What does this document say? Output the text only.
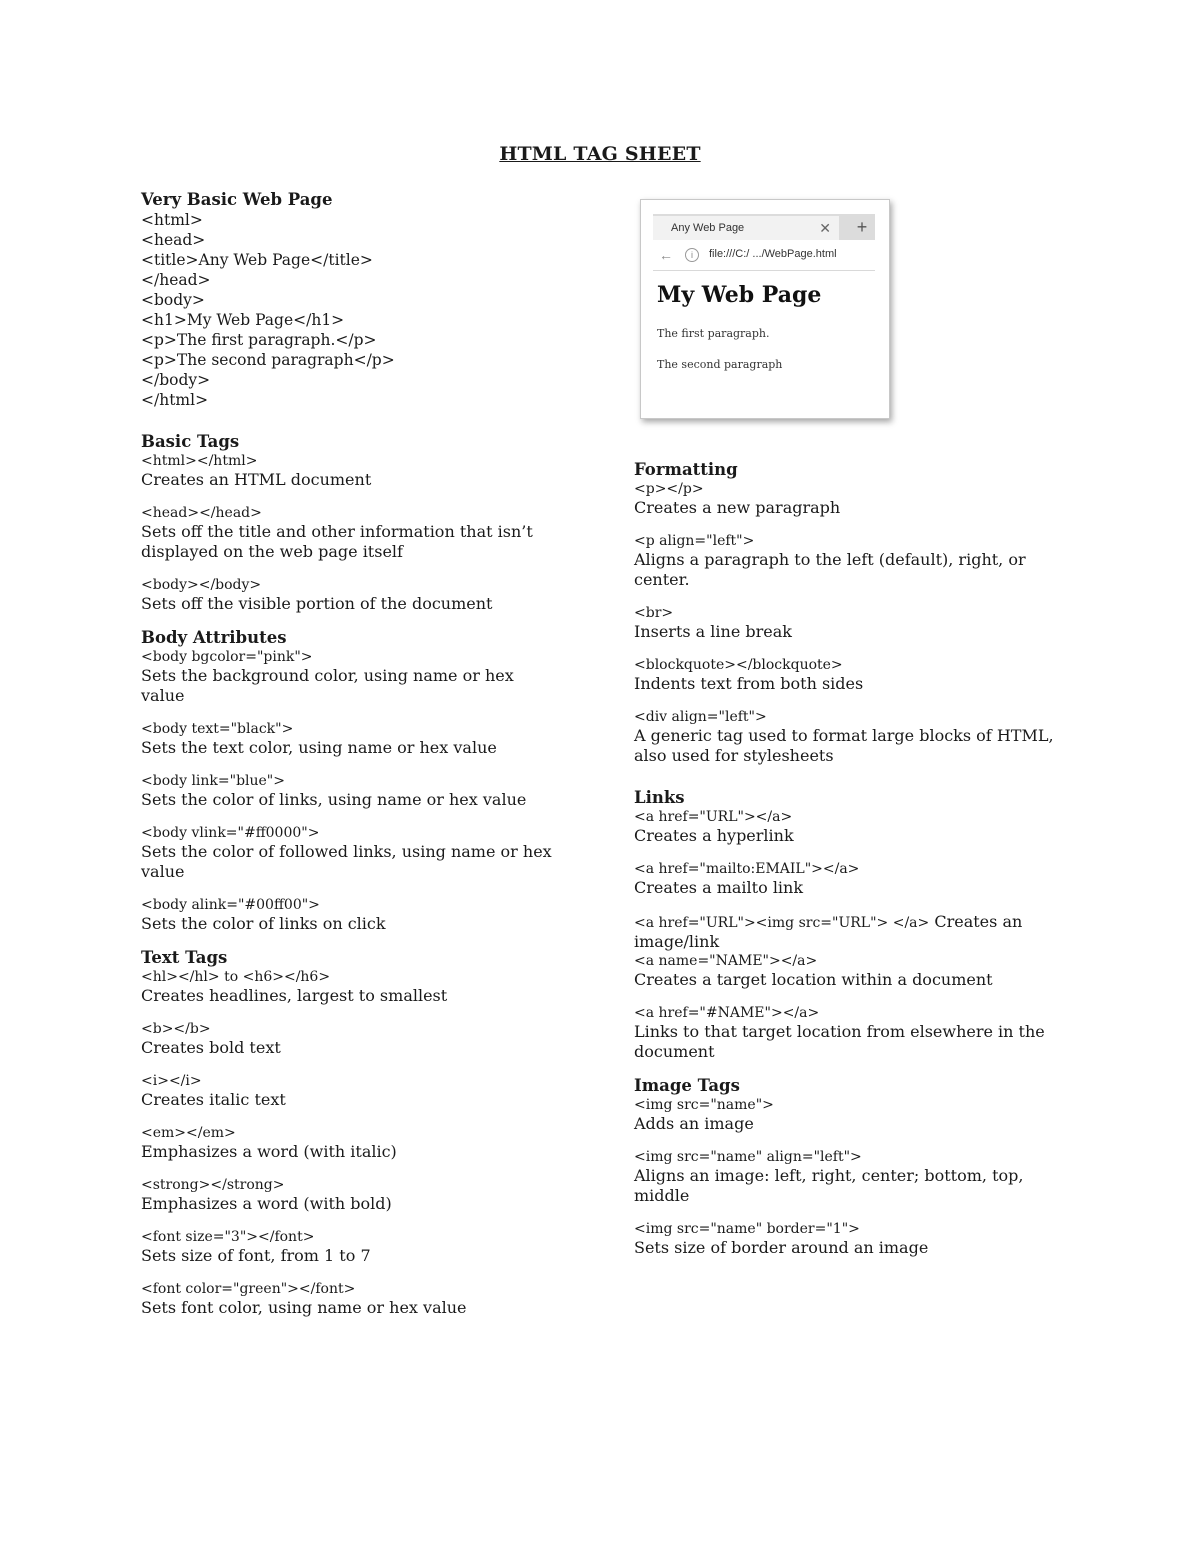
HTML TAG SHEET
Very Basic Web Page
<html>
<head>
<title>Any Web Page</title>
</head>
<body>
<h1>My Web Page</h1>
<p>The first paragraph.</p>
<p>The second paragraph</p>
</body>
</html>
Basic Tags
<html></html>
Creates an HTML document
<head></head>
Sets off the title and other information that isn’t displayed on the web page itself
<body></body>
Sets off the visible portion of the document
Body Attributes
<body bgcolor="pink">
Sets the background color, using name or hex value
<body text="black">
Sets the text color, using name or hex value
<body link="blue">
Sets the color of links, using name or hex value
<body vlink="#ff0000">
Sets the color of followed links, using name or hex value
<body alink="#00ff00">
Sets the color of links on click
Text Tags
<hl></hl> to <h6></h6>
Creates headlines, largest to smallest
<b></b>
Creates bold text
<i></i>
Creates italic text
<em></em>
Emphasizes a word (with italic)
<strong></strong>
Emphasizes a word (with bold)
<font size="3"></font>
Sets size of font, from 1 to 7
<font color="green"></font>
Sets font color, using name or hex value
Any Web Page	✕	+
←	i	file:///C:/ .../WebPage.html
My Web Page
The first paragraph.
The second paragraph
Formatting
<p></p>
Creates a new paragraph
<p align="left">
Aligns a paragraph to the left (default), right, or center.
<br>
Inserts a line break
<blockquote></blockquote>
Indents text from both sides
<div align="left">
A generic tag used to format large blocks of HTML, also used for stylesheets
Links
<a href="URL"></a>
Creates a hyperlink
<a href="mailto:EMAIL"></a>
Creates a mailto link
<a href="URL"><img src="URL"> </a> Creates an image/link
<a name="NAME"></a>
Creates a target location within a document
<a href="#NAME"></a>
Links to that target location from elsewhere in the document
Image Tags
<img src="name">
Adds an image
<img src="name" align="left">
Aligns an image: left, right, center; bottom, top, middle
<img src="name" border="1">
Sets size of border around an image
